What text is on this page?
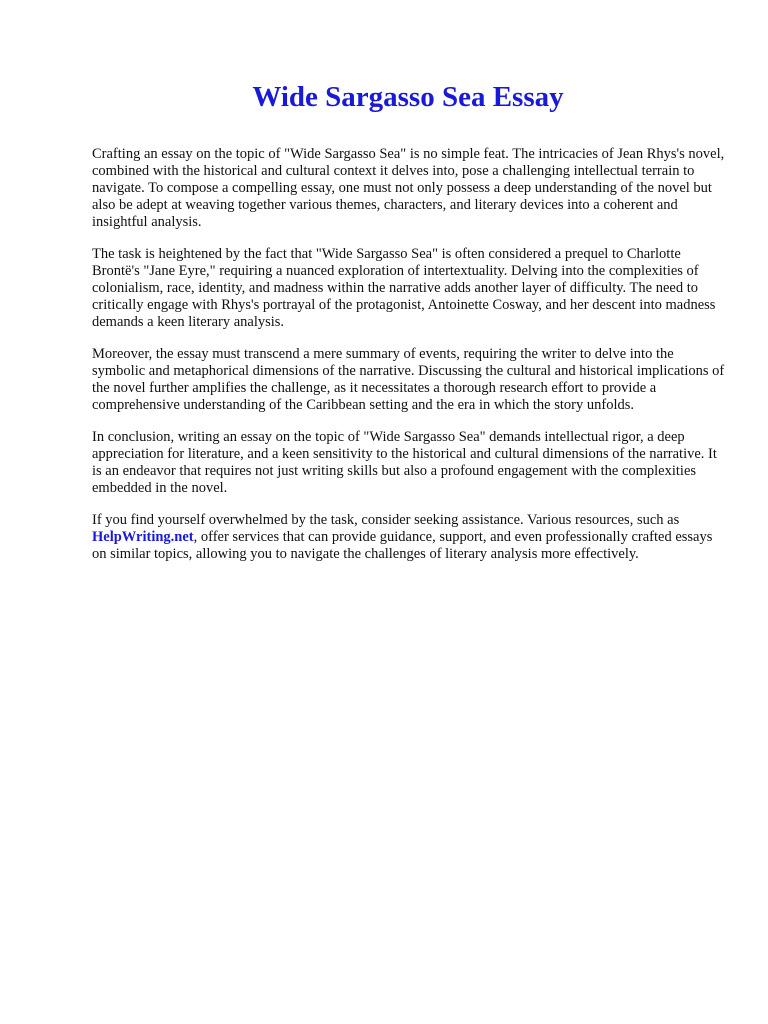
Wide Sargasso Sea Essay

Crafting an essay on the topic of "Wide Sargasso Sea" is no simple feat. The intricacies of Jean Rhys's novel, combined with the historical and cultural context it delves into, pose a challenging intellectual terrain to navigate. To compose a compelling essay, one must not only possess a deep understanding of the novel but also be adept at weaving together various themes, characters, and literary devices into a coherent and insightful analysis.

The task is heightened by the fact that "Wide Sargasso Sea" is often considered a prequel to Charlotte Brontë's "Jane Eyre," requiring a nuanced exploration of intertextuality. Delving into the complexities of colonialism, race, identity, and madness within the narrative adds another layer of difficulty. The need to critically engage with Rhys's portrayal of the protagonist, Antoinette Cosway, and her descent into madness demands a keen literary analysis.

Moreover, the essay must transcend a mere summary of events, requiring the writer to delve into the symbolic and metaphorical dimensions of the narrative. Discussing the cultural and historical implications of the novel further amplifies the challenge, as it necessitates a thorough research effort to provide a comprehensive understanding of the Caribbean setting and the era in which the story unfolds.

In conclusion, writing an essay on the topic of "Wide Sargasso Sea" demands intellectual rigor, a deep appreciation for literature, and a keen sensitivity to the historical and cultural dimensions of the narrative. It is an endeavor that requires not just writing skills but also a profound engagement with the complexities embedded in the novel.

If you find yourself overwhelmed by the task, consider seeking assistance. Various resources, such as HelpWriting.net, offer services that can provide guidance, support, and even professionally crafted essays on similar topics, allowing you to navigate the challenges of literary analysis more effectively.
